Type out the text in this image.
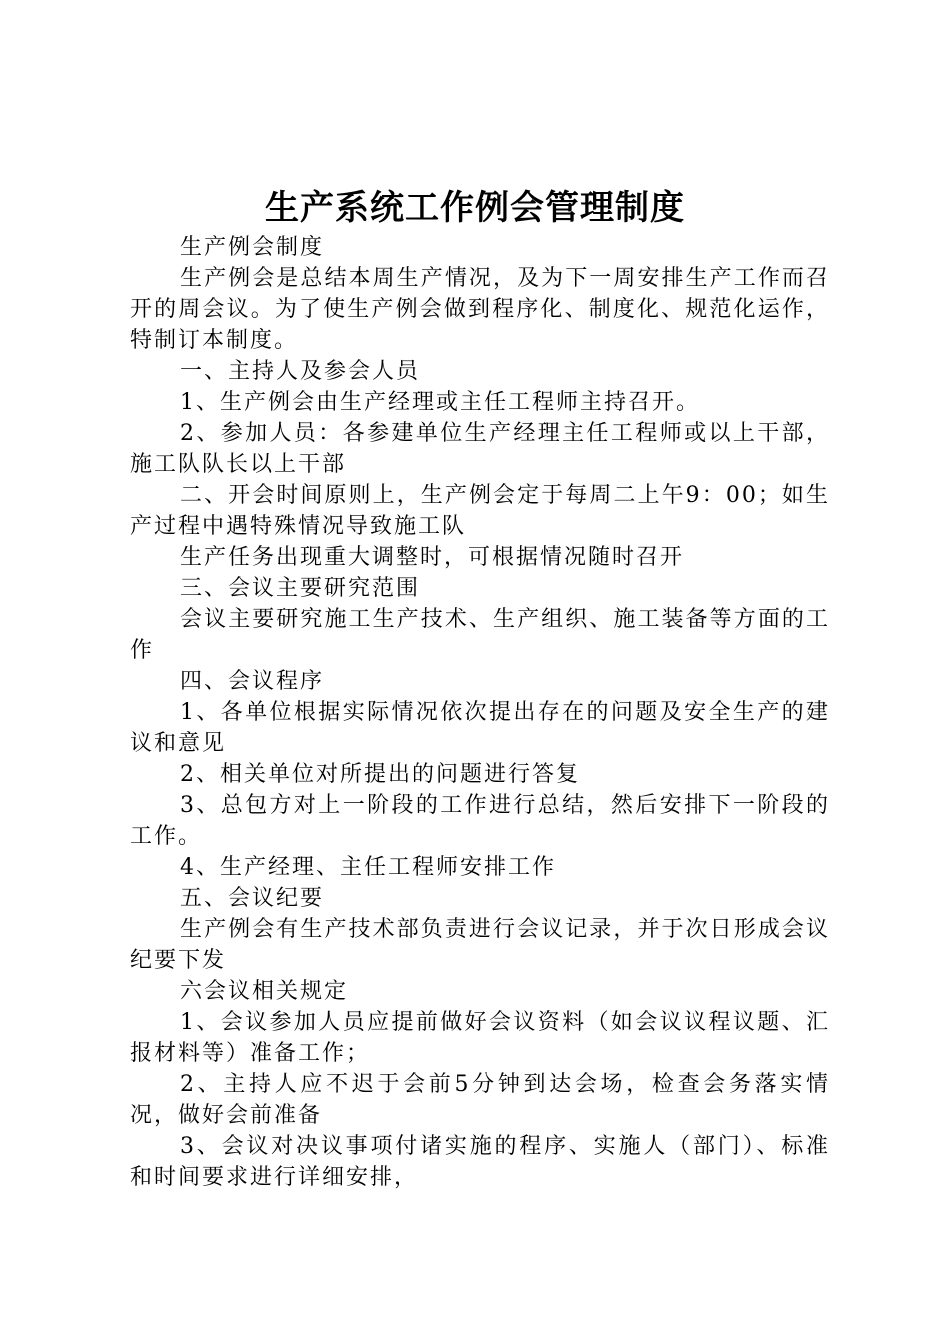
生产系统工作例会管理制度

生产例会制度

生产例会是总结本周生产情况，及为下一周安排生产工作而召开的周会议。为了使生产例会做到程序化、制度化、规范化运作，特制订本制度。

一、主持人及参会人员

1、生产例会由生产经理或主任工程师主持召开。

2、参加人员：各参建单位生产经理主任工程师或以上干部，施工队队长以上干部

二、开会时间原则上，生产例会定于每周二上午9：00；如生产过程中遇特殊情况导致施工队

生产任务出现重大调整时，可根据情况随时召开

三、会议主要研究范围

会议主要研究施工生产技术、生产组织、施工装备等方面的工作

四、会议程序

1、各单位根据实际情况依次提出存在的问题及安全生产的建议和意见

2、相关单位对所提出的问题进行答复

3、总包方对上一阶段的工作进行总结，然后安排下一阶段的工作。

4、生产经理、主任工程师安排工作

五、会议纪要

生产例会有生产技术部负责进行会议记录，并于次日形成会议纪要下发

六会议相关规定

1、会议参加人员应提前做好会议资料（如会议议程议题、汇报材料等）准备工作；

2、主持人应不迟于会前5分钟到达会场，检查会务落实情况，做好会前准备

3、会议对决议事项付诸实施的程序、实施人（部门）、标准和时间要求进行详细安排，
